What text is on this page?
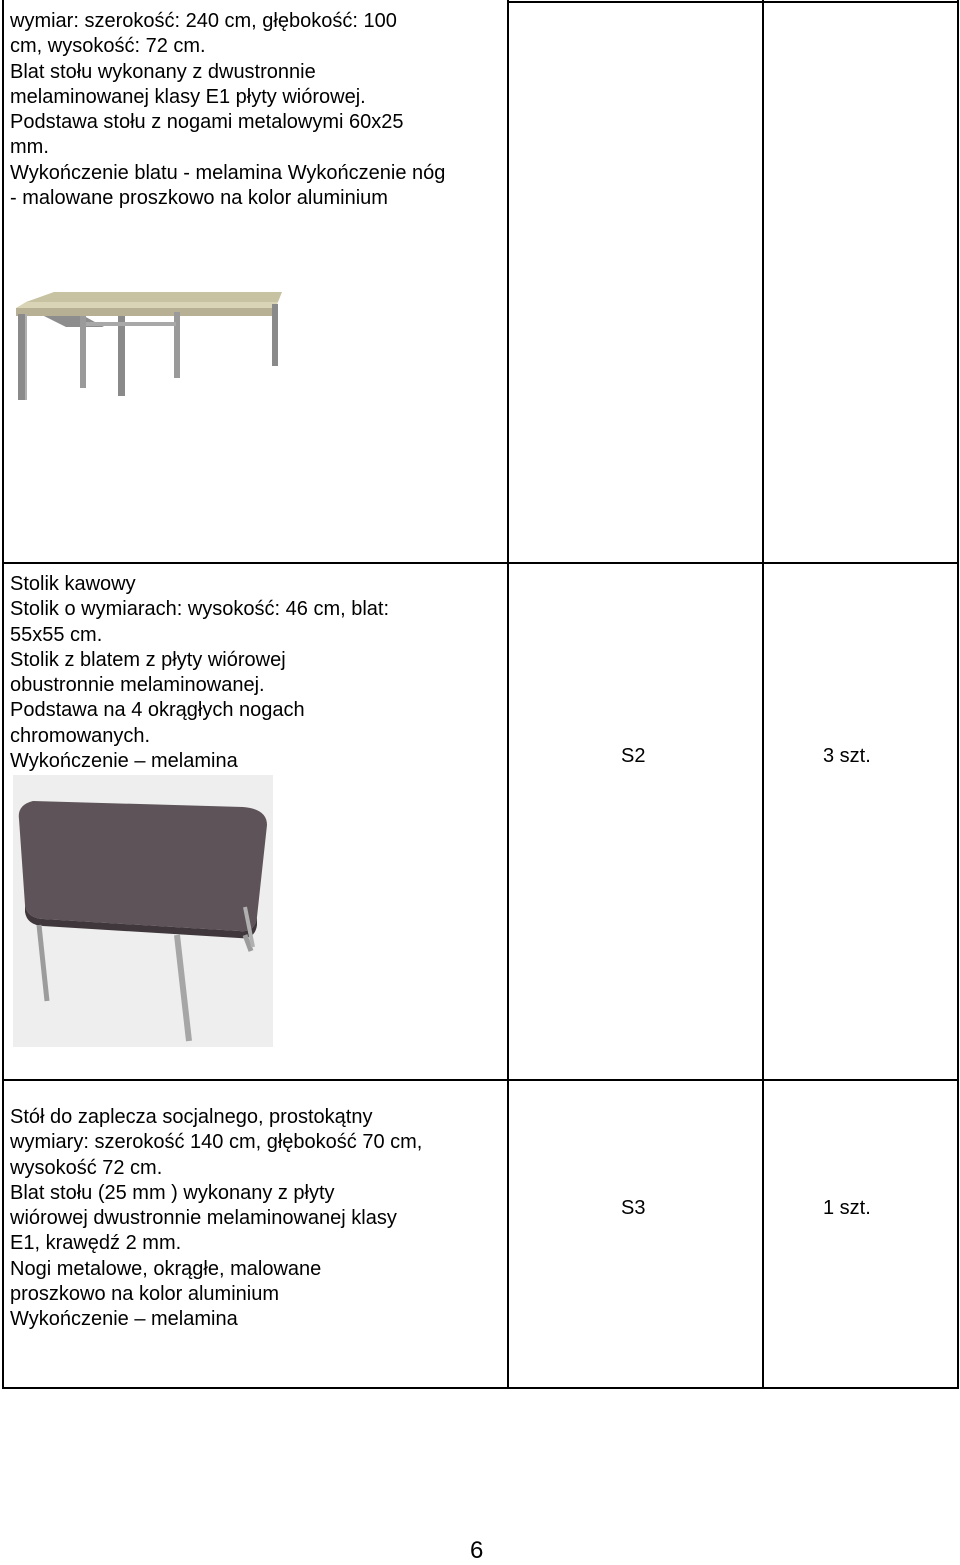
wymiar: szerokość: 240 cm, głębokość: 100
cm, wysokość: 72 cm.
Blat stołu wykonany z dwustronnie
melaminowanej klasy E1 płyty wiórowej.
Podstawa stołu z nogami metalowymi 60x25
mm.
Wykończenie blatu - melamina Wykończenie nóg
- malowane proszkowo na kolor aluminium
Stolik kawowy
Stolik o wymiarach: wysokość: 46 cm, blat:
55x55 cm.
Stolik z blatem z płyty wiórowej
obustronnie melaminowanej.
Podstawa na 4 okrągłych nogach
chromowanych.
Wykończenie – melamina	S2	3 szt.
Stół do zaplecza socjalnego, prostokątny
wymiary: szerokość 140 cm, głębokość 70 cm,
wysokość 72 cm.
Blat stołu (25 mm ) wykonany z płyty
wiórowej dwustronnie melaminowanej klasy
E1, krawędź 2 mm.
Nogi metalowe, okrągłe, malowane
proszkowo na kolor aluminium
Wykończenie – melamina
S3	1 szt.
6
